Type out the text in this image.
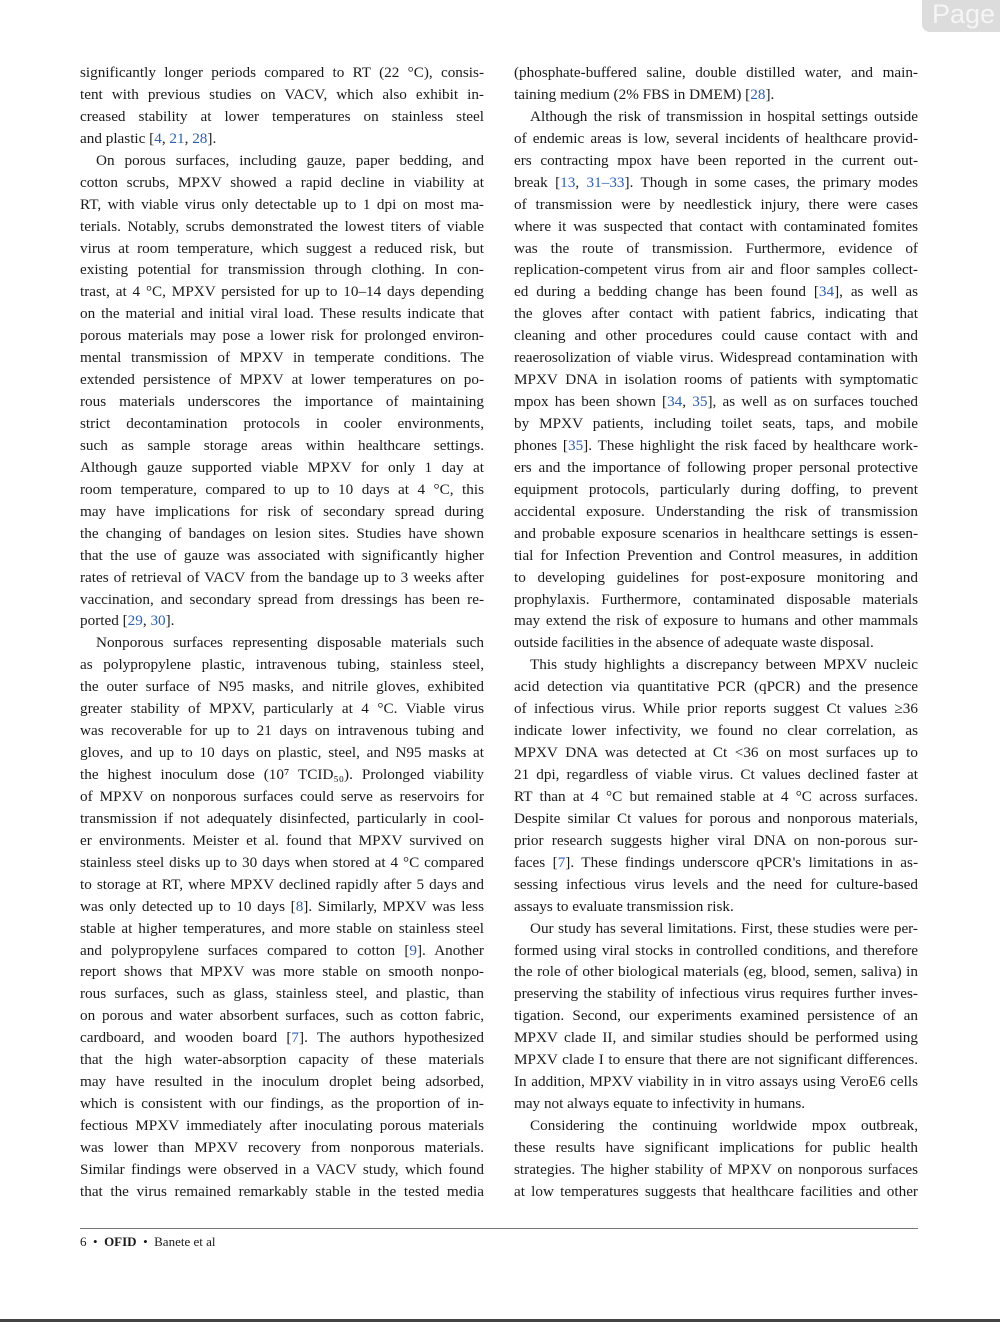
Page
significantly longer periods compared to RT (22 °C), consis-
tent with previous studies on VACV, which also exhibit in-
creased stability at lower temperatures on stainless steel
and plastic [4, 21, 28].
On porous surfaces, including gauze, paper bedding, and
cotton scrubs, MPXV showed a rapid decline in viability at
RT, with viable virus only detectable up to 1 dpi on most ma-
terials. Notably, scrubs demonstrated the lowest titers of viable
virus at room temperature, which suggest a reduced risk, but
existing potential for transmission through clothing. In con-
trast, at 4 °C, MPXV persisted for up to 10–14 days depending
on the material and initial viral load. These results indicate that
porous materials may pose a lower risk for prolonged environ-
mental transmission of MPXV in temperate conditions. The
extended persistence of MPXV at lower temperatures on po-
rous materials underscores the importance of maintaining
strict decontamination protocols in cooler environments,
such as sample storage areas within healthcare settings.
Although gauze supported viable MPXV for only 1 day at
room temperature, compared to up to 10 days at 4 °C, this
may have implications for risk of secondary spread during
the changing of bandages on lesion sites. Studies have shown
that the use of gauze was associated with significantly higher
rates of retrieval of VACV from the bandage up to 3 weeks after
vaccination, and secondary spread from dressings has been re-
ported [29, 30].
Nonporous surfaces representing disposable materials such
as polypropylene plastic, intravenous tubing, stainless steel,
the outer surface of N95 masks, and nitrile gloves, exhibited
greater stability of MPXV, particularly at 4 °C. Viable virus
was recoverable for up to 21 days on intravenous tubing and
gloves, and up to 10 days on plastic, steel, and N95 masks at
the highest inoculum dose (10⁷ TCID₅₀). Prolonged viability
of MPXV on nonporous surfaces could serve as reservoirs for
transmission if not adequately disinfected, particularly in cool-
er environments. Meister et al. found that MPXV survived on
stainless steel disks up to 30 days when stored at 4 °C compared
to storage at RT, where MPXV declined rapidly after 5 days and
was only detected up to 10 days [8]. Similarly, MPXV was less
stable at higher temperatures, and more stable on stainless steel
and polypropylene surfaces compared to cotton [9]. Another
report shows that MPXV was more stable on smooth nonpo-
rous surfaces, such as glass, stainless steel, and plastic, than
on porous and water absorbent surfaces, such as cotton fabric,
cardboard, and wooden board [7]. The authors hypothesized
that the high water-absorption capacity of these materials
may have resulted in the inoculum droplet being adsorbed,
which is consistent with our findings, as the proportion of in-
fectious MPXV immediately after inoculating porous materials
was lower than MPXV recovery from nonporous materials.
Similar findings were observed in a VACV study, which found
that the virus remained remarkably stable in the tested media
(phosphate-buffered saline, double distilled water, and main-
taining medium (2% FBS in DMEM) [28].
Although the risk of transmission in hospital settings outside
of endemic areas is low, several incidents of healthcare provid-
ers contracting mpox have been reported in the current out-
break [13, 31–33]. Though in some cases, the primary modes
of transmission were by needlestick injury, there were cases
where it was suspected that contact with contaminated fomites
was the route of transmission. Furthermore, evidence of
replication-competent virus from air and floor samples collect-
ed during a bedding change has been found [34], as well as
the gloves after contact with patient fabrics, indicating that
cleaning and other procedures could cause contact with and
reaerosolization of viable virus. Widespread contamination with
MPXV DNA in isolation rooms of patients with symptomatic
mpox has been shown [34, 35], as well as on surfaces touched
by MPXV patients, including toilet seats, taps, and mobile
phones [35]. These highlight the risk faced by healthcare work-
ers and the importance of following proper personal protective
equipment protocols, particularly during doffing, to prevent
accidental exposure. Understanding the risk of transmission
and probable exposure scenarios in healthcare settings is essen-
tial for Infection Prevention and Control measures, in addition
to developing guidelines for post-exposure monitoring and
prophylaxis. Furthermore, contaminated disposable materials
may extend the risk of exposure to humans and other mammals
outside facilities in the absence of adequate waste disposal.
This study highlights a discrepancy between MPXV nucleic
acid detection via quantitative PCR (qPCR) and the presence
of infectious virus. While prior reports suggest Ct values ≥36
indicate lower infectivity, we found no clear correlation, as
MPXV DNA was detected at Ct <36 on most surfaces up to
21 dpi, regardless of viable virus. Ct values declined faster at
RT than at 4 °C but remained stable at 4 °C across surfaces.
Despite similar Ct values for porous and nonporous materials,
prior research suggests higher viral DNA on non-porous sur-
faces [7]. These findings underscore qPCR's limitations in as-
sessing infectious virus levels and the need for culture-based
assays to evaluate transmission risk.
Our study has several limitations. First, these studies were per-
formed using viral stocks in controlled conditions, and therefore
the role of other biological materials (eg, blood, semen, saliva) in
preserving the stability of infectious virus requires further inves-
tigation. Second, our experiments examined persistence of an
MPXV clade II, and similar studies should be performed using
MPXV clade I to ensure that there are not significant differences.
In addition, MPXV viability in in vitro assays using VeroE6 cells
may not always equate to infectivity in humans.
Considering the continuing worldwide mpox outbreak,
these results have significant implications for public health
strategies. The higher stability of MPXV on nonporous surfaces
at low temperatures suggests that healthcare facilities and other
6 • OFID • Banete et al
